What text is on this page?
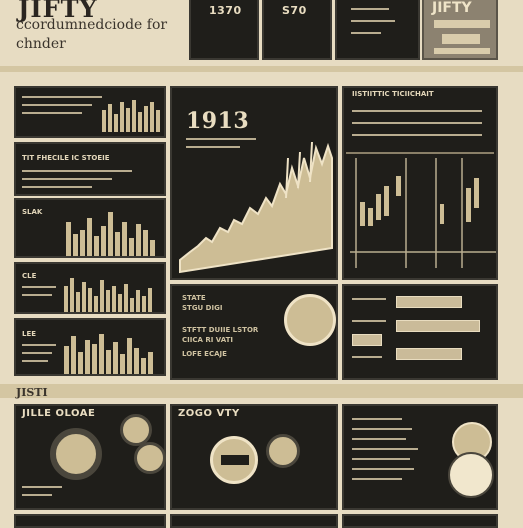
JIFTY
ccordumnedciode for chnder
1370	S70	JIFTY
TIT FHECILE IC STOEIE
SLAK
CLE
LEE
1913
IISTIITTIC TICIICHAIT
STATE
STGU DIGI
STFTT DUIIE LSTOR
CIICA RI VATI
LOFE ECAJE
JISTI
JILLE OLOAE	ZOGO VTY
